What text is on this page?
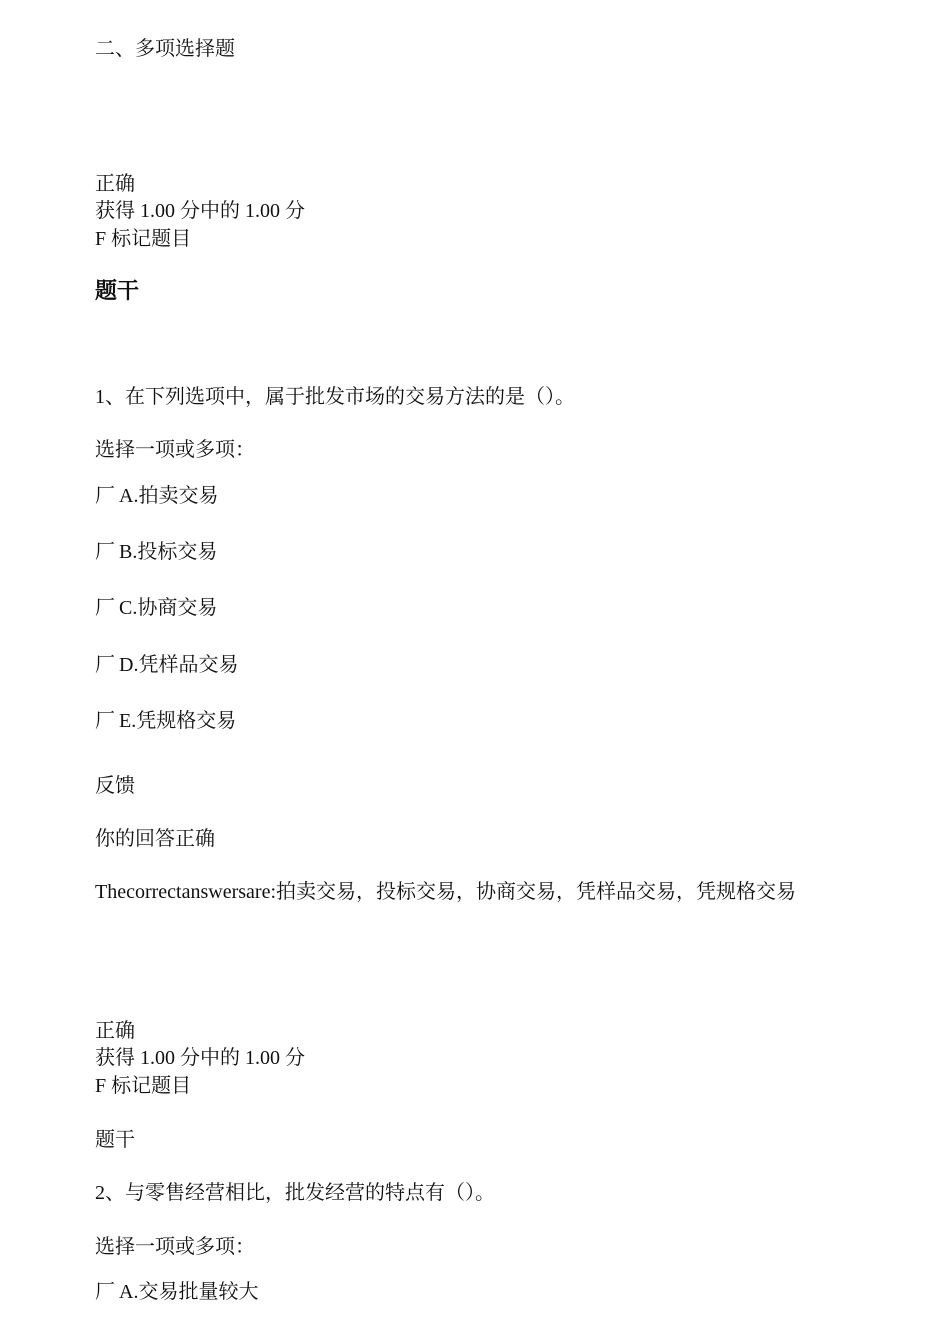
二、多项选择题
正确
获得 1.00 分中的 1.00 分
F 标记题目
题干
1、在下列选项中，属于批发市场的交易方法的是（）。
选择一项或多项：
厂 A.拍卖交易
厂 B.投标交易
厂 C.协商交易
厂 D.凭样品交易
厂 E.凭规格交易
反馈
你的回答正确
Thecorrectanswersare:拍卖交易，投标交易，协商交易，凭样品交易，凭规格交易
正确
获得 1.00 分中的 1.00 分
F 标记题目
题干
2、与零售经营相比，批发经营的特点有（）。
选择一项或多项：
厂 A.交易批量较大
